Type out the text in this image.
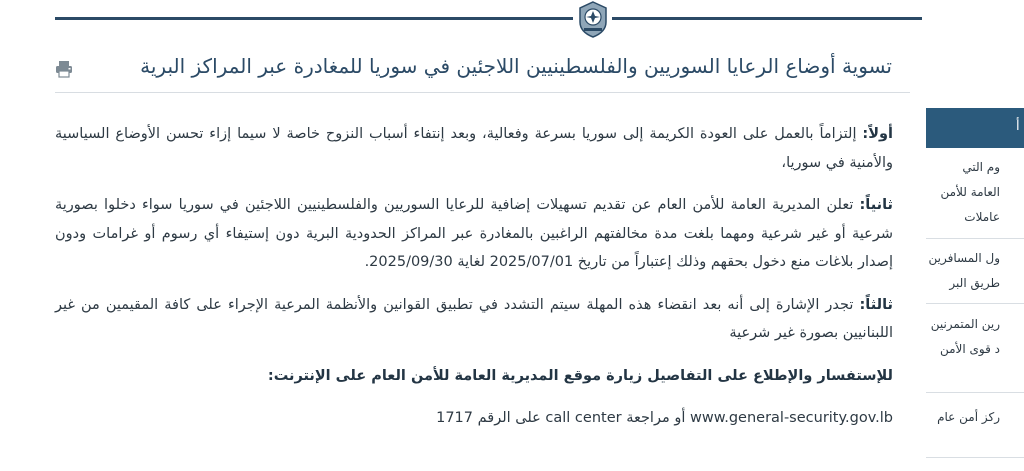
تسوية أوضاع الرعايا السوريين والفلسطينيين اللاجئين في سوريا للمغادرة عبر المراكز البرية

أولاً: إلتزاماً بالعمل على العودة الكريمة إلى سوريا بسرعة وفعالية، وبعد إنتفاء أسباب النزوح خاصة لا سيما إزاء تحسن الأوضاع السياسية والأمنية في سوريا،

ثانياً: تعلن المديرية العامة للأمن العام عن تقديم تسهيلات إضافية للرعايا السوريين والفلسطينيين اللاجئين في سوريا سواء دخلوا بصورية شرعية أو غير شرعية ومهما بلغت مدة مخالفتهم الراغبين بالمغادرة عبر المراكز الحدودية البرية دون إستيفاء أي رسوم أو غرامات ودون إصدار بلاغات منع دخول بحقهم وذلك إعتباراً من تاريخ 2025/07/01 لغاية 2025/09/30.

ثالثاً: تجدر الإشارة إلى أنه بعد انقضاء هذه المهلة سيتم التشدد في تطبيق القوانين والأنظمة المرعية الإجراء على كافة المقيمين من غير اللبنانيين بصورة غير شرعية

للإستفسار والإطلاع على التفاصيل زيارة موقع المديرية العامة للأمن العام على الإنترنت:

www.general-security.gov.lb أو مراجعة call center على الرقم 1717

أ
وم التي
العامة للأمن
عاملات
ول المسافرين
طريق البر
رين المتمرنين
د قوى الأمن
ركز أمن عام
